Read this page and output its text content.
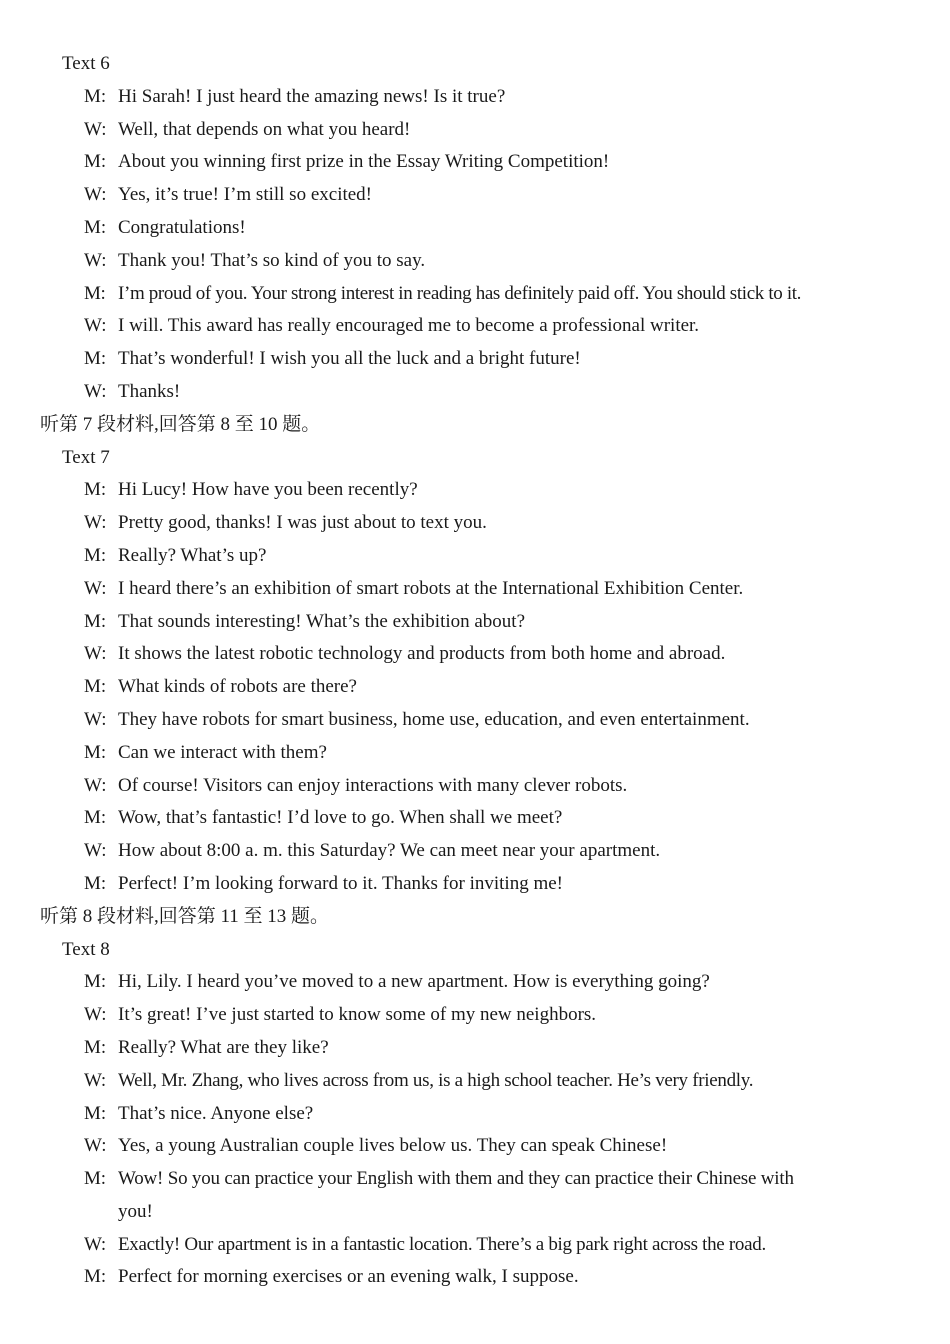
Text 6
M: Hi Sarah! I just heard the amazing news! Is it true?
W: Well, that depends on what you heard!
M: About you winning first prize in the Essay Writing Competition!
W: Yes, it’s true! I’m still so excited!
M: Congratulations!
W: Thank you! That’s so kind of you to say.
M: I’m proud of you. Your strong interest in reading has definitely paid off. You should stick to it.
W: I will. This award has really encouraged me to become a professional writer.
M: That’s wonderful! I wish you all the luck and a bright future!
W: Thanks!
听第 7 段材料,回答第 8 至 10 题。
Text 7
M: Hi Lucy! How have you been recently?
W: Pretty good, thanks! I was just about to text you.
M: Really? What’s up?
W: I heard there’s an exhibition of smart robots at the International Exhibition Center.
M: That sounds interesting! What’s the exhibition about?
W: It shows the latest robotic technology and products from both home and abroad.
M: What kinds of robots are there?
W: They have robots for smart business, home use, education, and even entertainment.
M: Can we interact with them?
W: Of course! Visitors can enjoy interactions with many clever robots.
M: Wow, that’s fantastic! I’d love to go. When shall we meet?
W: How about 8:00 a. m. this Saturday? We can meet near your apartment.
M: Perfect! I’m looking forward to it. Thanks for inviting me!
听第 8 段材料,回答第 11 至 13 题。
Text 8
M: Hi, Lily. I heard you’ve moved to a new apartment. How is everything going?
W: It’s great! I’ve just started to know some of my new neighbors.
M: Really? What are they like?
W: Well, Mr. Zhang, who lives across from us, is a high school teacher. He’s very friendly.
M: That’s nice. Anyone else?
W: Yes, a young Australian couple lives below us. They can speak Chinese!
M: Wow! So you can practice your English with them and they can practice their Chinese with
you!
W: Exactly! Our apartment is in a fantastic location. There’s a big park right across the road.
M: Perfect for morning exercises or an evening walk, I suppose.
